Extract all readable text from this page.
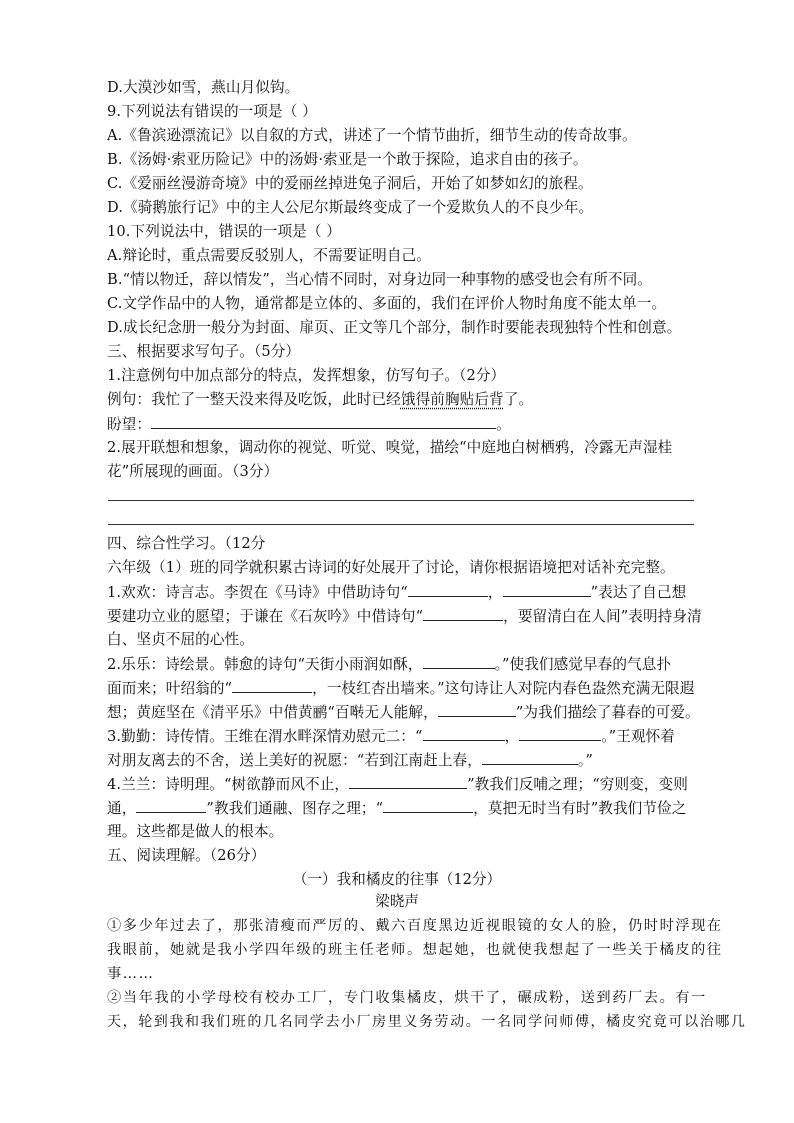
D.大漠沙如雪，燕山月似钩。
9.下列说法有错误的一项是（ ）
A.《鲁滨逊漂流记》以自叙的方式，讲述了一个情节曲折，细节生动的传奇故事。
B.《汤姆·索亚历险记》中的汤姆·索亚是一个敢于探险，追求自由的孩子。
C.《爱丽丝漫游奇境》中的爱丽丝掉进兔子洞后，开始了如梦如幻的旅程。
D.《骑鹅旅行记》中的主人公尼尔斯最终变成了一个爱欺负人的不良少年。
10.下列说法中，错误的一项是（ ）
A.辩论时，重点需要反驳别人，不需要证明自己。
B.“情以物迁，辞以情发”，当心情不同时，对身边同一种事物的感受也会有所不同。
C.文学作品中的人物，通常都是立体的、多面的，我们在评价人物时角度不能太单一。
D.成长纪念册一般分为封面、扉页、正文等几个部分，制作时要能表现独特个性和创意。
三、根据要求写句子。（5分）
1.注意例句中加点部分的特点，发挥想象，仿写句子。（2分）
例句：我忙了一整天没来得及吃饭，此时已经饿得前胸贴后背了。
盼望：	。
2.展开联想和想象，调动你的视觉、听觉、嗅觉，描绘“中庭地白树栖鸦，冷露无声湿桂
花”所展现的画面。（3分）
四、综合性学习。（12分
六年级（1）班的同学就积累古诗词的好处展开了讨论，请你根据语境把对话补充完整。
1.欢欢：诗言志。李贺在《马诗》中借助诗句“	，	”表达了自己想
要建功立业的愿望；于谦在《石灰吟》中借诗句“	，要留清白在人间”表明持身清
白、坚贞不屈的心性。
2.乐乐：诗绘景。韩愈的诗句“天街小雨润如酥，	。”使我们感觉早春的气息扑
面而来；叶绍翁的“	，一枝红杏出墙来。”这句诗让人对院内春色盎然充满无限遐
想；黄庭坚在《清平乐》中借黄鹂“百啭无人能解，	”为我们描绘了暮春的可爱。
3.勤勤：诗传情。王维在渭水畔深情劝慰元二：“	，	。”王观怀着
对朋友离去的不舍，送上美好的祝愿：“若到江南赶上春，	。”
4.兰兰：诗明理。“树欲静而风不止，	”教我们反哺之理；“穷则变，变则
通，	”教我们通融、图存之理；“	，莫把无时当有时”教我们节俭之
理。这些都是做人的根本。
五、阅读理解。（26分）
（一）我和橘皮的往事（12分）
梁晓声
①多少年过去了，那张清瘦而严厉的、戴六百度黑边近视眼镜的女人的脸，仍时时浮现在
我眼前，她就是我小学四年级的班主任老师。想起她，也就使我想起了一些关于橘皮的往
事……
②当年我的小学母校有校办工厂，专门收集橘皮，烘干了，碾成粉，送到药厂去。有一
天，轮到我和我们班的几名同学去小厂房里义务劳动。一名同学问师傅，橘皮究竟可以治哪几
